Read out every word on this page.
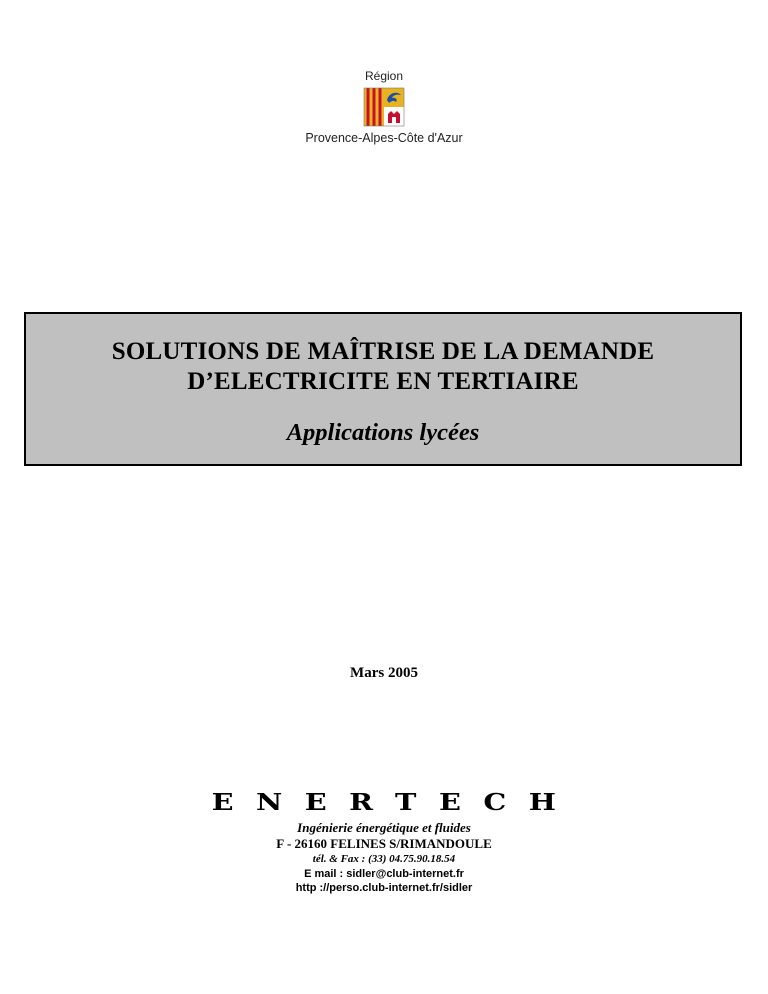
Région
Provence-Alpes-Côte d'Azur
SOLUTIONS DE MAÎTRISE DE LA DEMANDE
D’ELECTRICITE EN TERTIAIRE
Applications lycées
Mars 2005
ENERTECH
Ingénierie énergétique et fluides
F - 26160 FELINES S/RIMANDOULE
tél. & Fax : (33) 04.75.90.18.54
E mail : sidler@club-internet.fr
http ://perso.club-internet.fr/sidler
